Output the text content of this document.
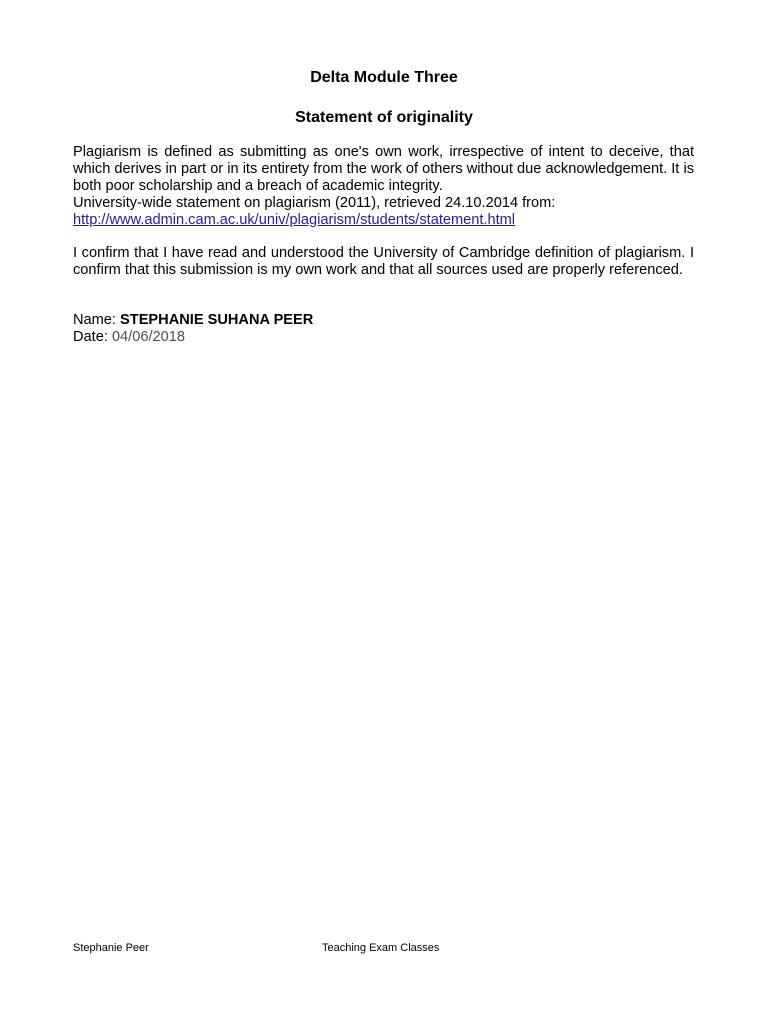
Delta Module Three
Statement of originality
Plagiarism is defined as submitting as one's own work, irrespective of intent to deceive, that which derives in part or in its entirety from the work of others without due acknowledgement. It is both poor scholarship and a breach of academic integrity.
University-wide statement on plagiarism (2011), retrieved 24.10.2014 from:
http://www.admin.cam.ac.uk/univ/plagiarism/students/statement.html
I confirm that I have read and understood the University of Cambridge definition of plagiarism. I confirm that this submission is my own work and that all sources used are properly referenced.
Name: STEPHANIE SUHANA PEER
Date: 04/06/2018
Stephanie Peer	Teaching Exam Classes
